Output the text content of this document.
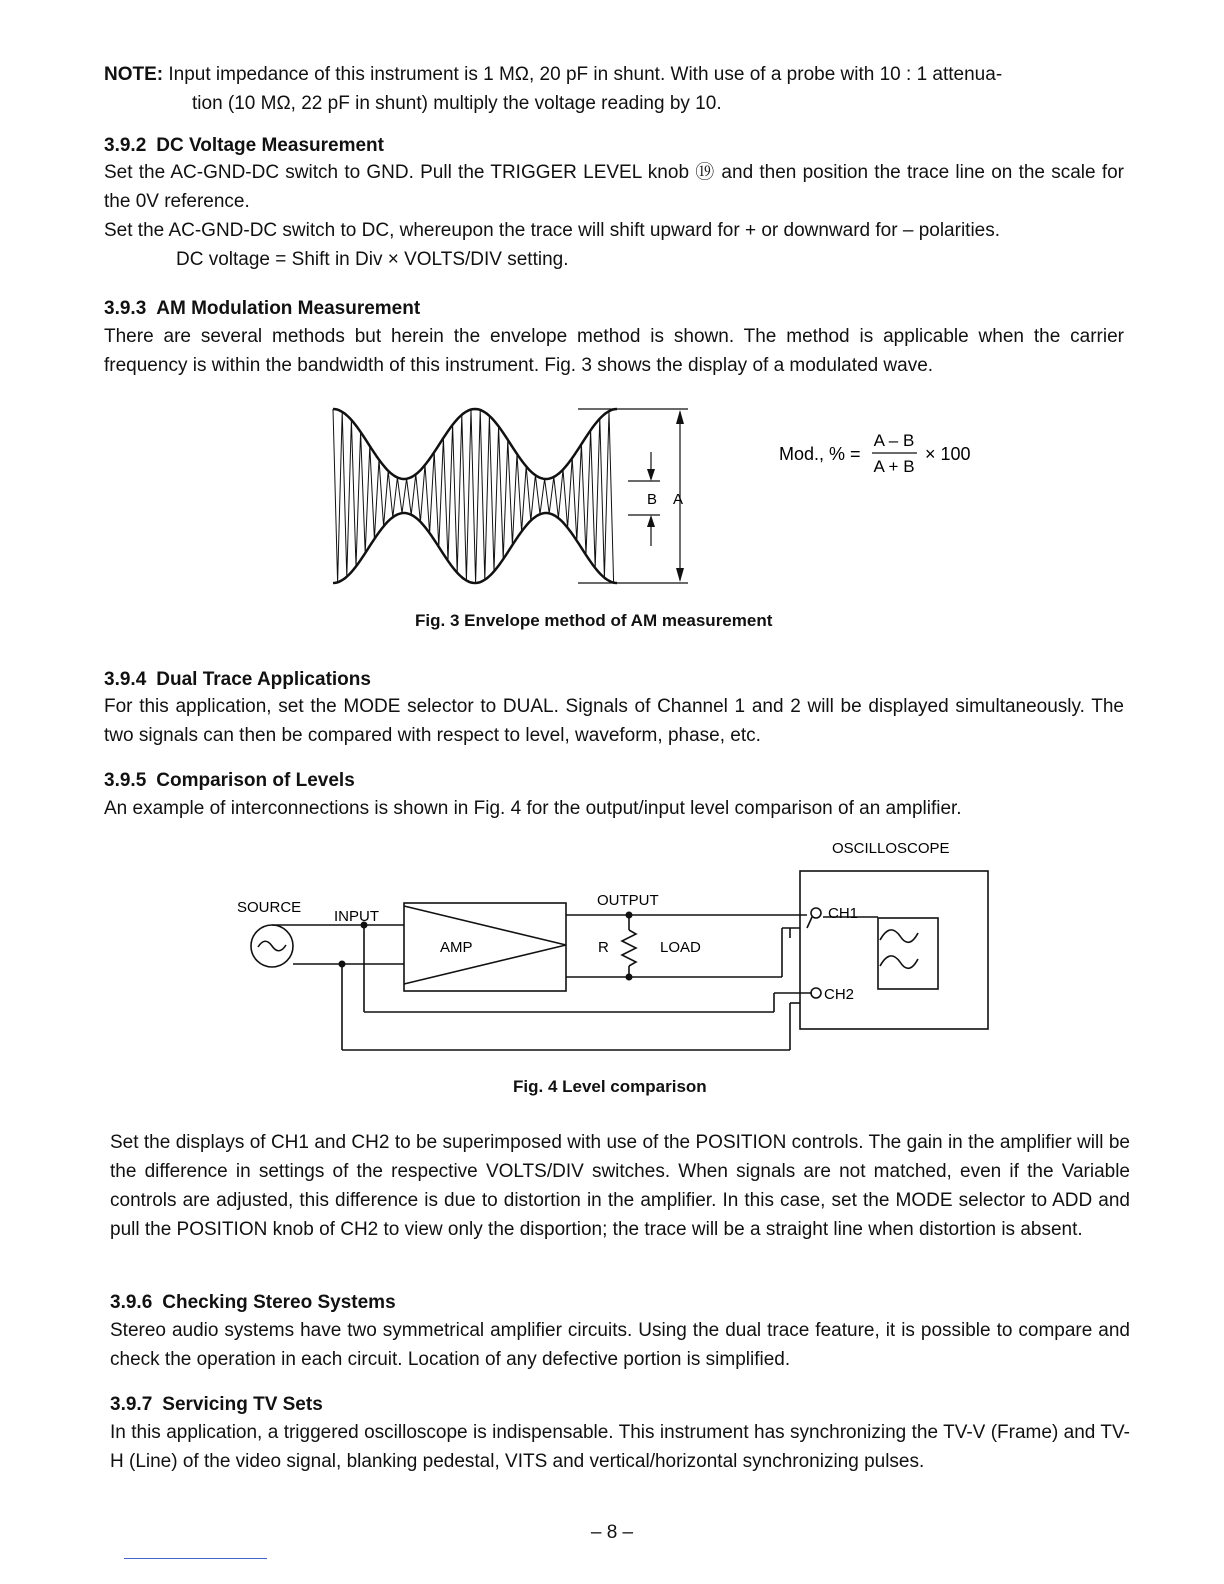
NOTE: Input impedance of this instrument is 1 MΩ, 20 pF in shunt. With use of a probe with 10 : 1 attenua-
tion (10 MΩ, 22 pF in shunt) multiply the voltage reading by 10.

3.9.2 DC Voltage Measurement

Set the AC-GND-DC switch to GND. Pull the TRIGGER LEVEL knob ⑲ and then position the trace line on the scale for the 0V reference.

Set the AC-GND-DC switch to DC, whereupon the trace will shift upward for + or downward for – polarities.
DC voltage = Shift in Div × VOLTS/DIV setting.

3.9.3 AM Modulation Measurement

There are several methods but herein the envelope method is shown. The method is applicable when the carrier frequency is within the bandwidth of this instrument. Fig. 3 shows the display of a modulated wave.

B A
Mod., % =
A – B
A + B
× 100

Fig. 3 Envelope method of AM measurement

3.9.4 Dual Trace Applications

For this application, set the MODE selector to DUAL. Signals of Channel 1 and 2 will be displayed simultaneously. The two signals can then be compared with respect to level, waveform, phase, etc.

3.9.5 Comparison of Levels

An example of interconnections is shown in Fig. 4 for the output/input level comparison of an amplifier.

OSCILLOSCOPE
SOURCE
INPUT
OUTPUT
AMP	R	LOAD
CH1
CH2

Fig. 4 Level comparison

Set the displays of CH1 and CH2 to be superimposed with use of the POSITION controls. The gain in the amplifier will be the difference in settings of the respective VOLTS/DIV switches. When signals are not matched, even if the Variable controls are adjusted, this difference is due to distortion in the amplifier. In this case, set the MODE selector to ADD and pull the POSITION knob of CH2 to view only the disportion; the trace will be a straight line when distortion is absent.

3.9.6 Checking Stereo Systems

Stereo audio systems have two symmetrical amplifier circuits. Using the dual trace feature, it is possible to compare and check the operation in each circuit. Location of any defective portion is simplified.

3.9.7 Servicing TV Sets

In this application, a triggered oscilloscope is indispensable. This instrument has synchronizing the TV-V (Frame) and TV-H (Line) of the video signal, blanking pedestal, VITS and vertical/horizontal synchronizing pulses.

– 8 –
